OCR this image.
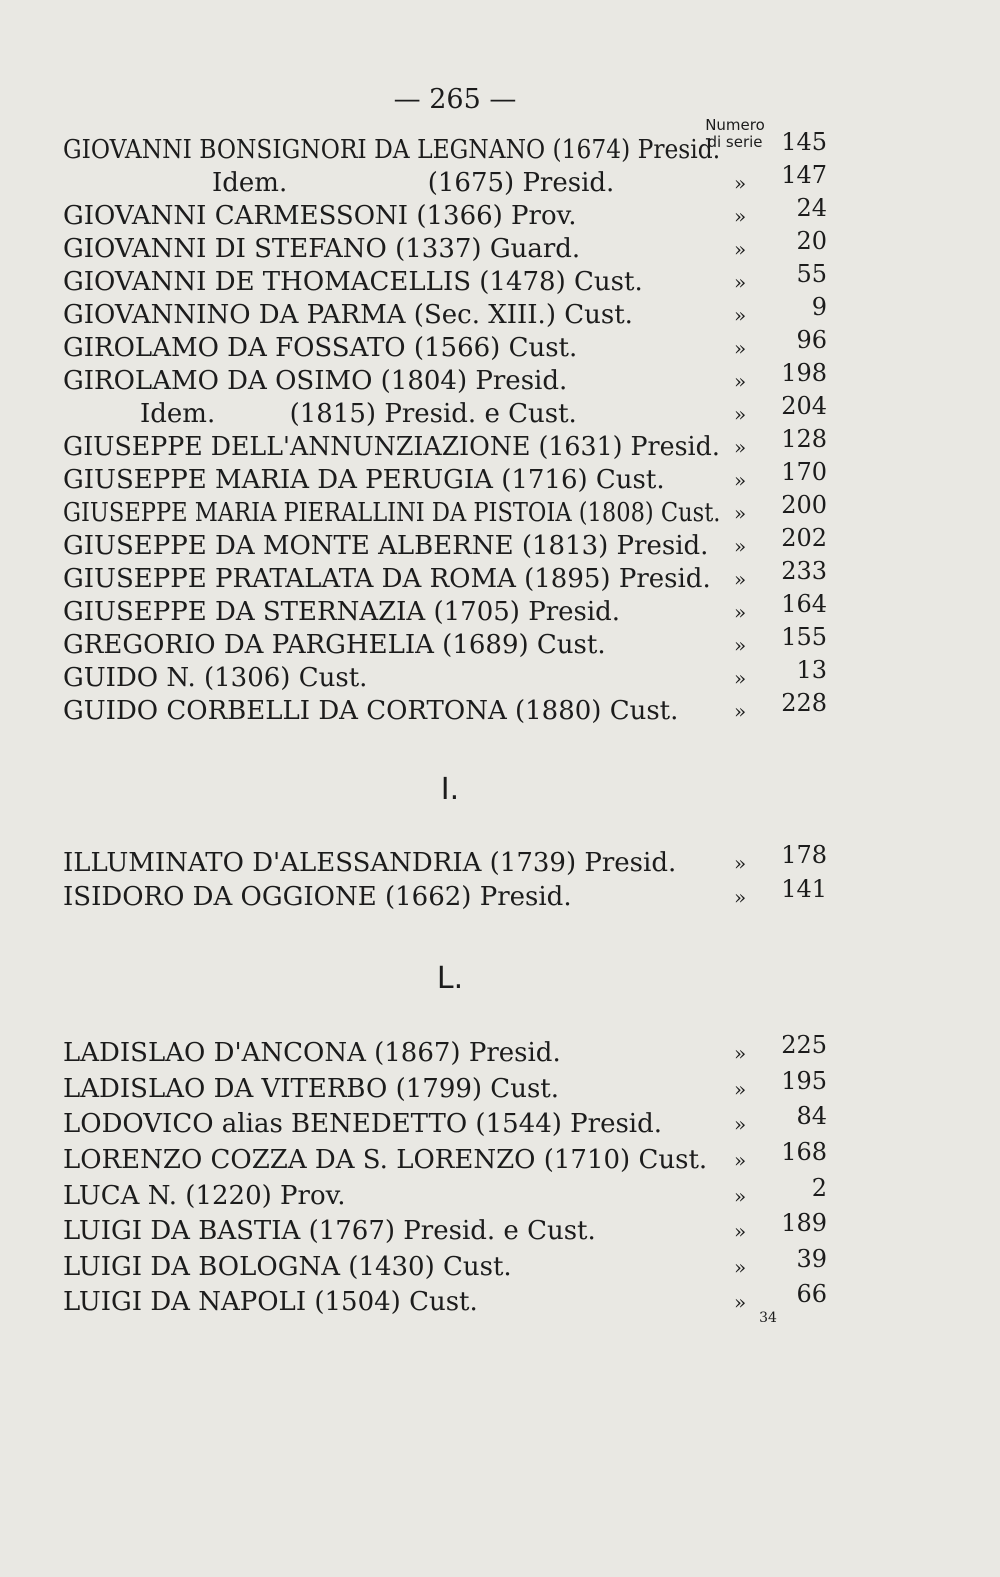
— 265 —
Numero
di serie
GIOVANNI BONSIGNORI DA LEGNANO (1674) Presid.	145
Idem.                 (1675) Presid.	» 147
GIOVANNI CARMESSONI (1366) Prov.	» 24
GIOVANNI DI STEFANO (1337) Guard.	» 20
GIOVANNI DE THOMACELLIS (1478) Cust.	» 55
GIOVANNINO DA PARMA (Sec. XIII.) Cust.	»	9
GIROLAMO DA FOSSATO (1566) Cust.	» 96
GIROLAMO DA OSIMO (1804) Presid.	» 198
Idem.         (1815) Presid. e Cust.	» 204
GIUSEPPE DELL'ANNUNZIAZIONE (1631) Presid. » 128
GIUSEPPE MARIA DA PERUGIA (1716) Cust.	» 170
GIUSEPPE MARIA PIERALLINI DA PISTOIA (1808) Cust. » 200
GIUSEPPE DA MONTE ALBERNE (1813) Presid. » 202
GIUSEPPE PRATALATA DA ROMA (1895) Presid. » 233
GIUSEPPE DA STERNAZIA (1705) Presid.	» 164
GREGORIO DA PARGHELIA (1689) Cust.	» 155
GUIDO N. (1306) Cust.	» 13
GUIDO CORBELLI DA CORTONA (1880) Cust.	» 228
I.
ILLUMINATO D'ALESSANDRIA (1739) Presid.	» 178
ISIDORO DA OGGIONE (1662) Presid.	» 141
L.
LADISLAO D'ANCONA (1867) Presid.	» 225
LADISLAO DA VITERBO (1799) Cust.	» 195
LODOVICO alias BENEDETTO (1544) Presid.	» 84
LORENZO COZZA DA S. LORENZO (1710) Cust. » 168
LUCA N. (1220) Prov.	»	2
LUIGI DA BASTIA (1767) Presid. e Cust.	» 189
LUIGI DA BOLOGNA (1430) Cust.	» 39
LUIGI DA NAPOLI (1504) Cust.	» 66
34
